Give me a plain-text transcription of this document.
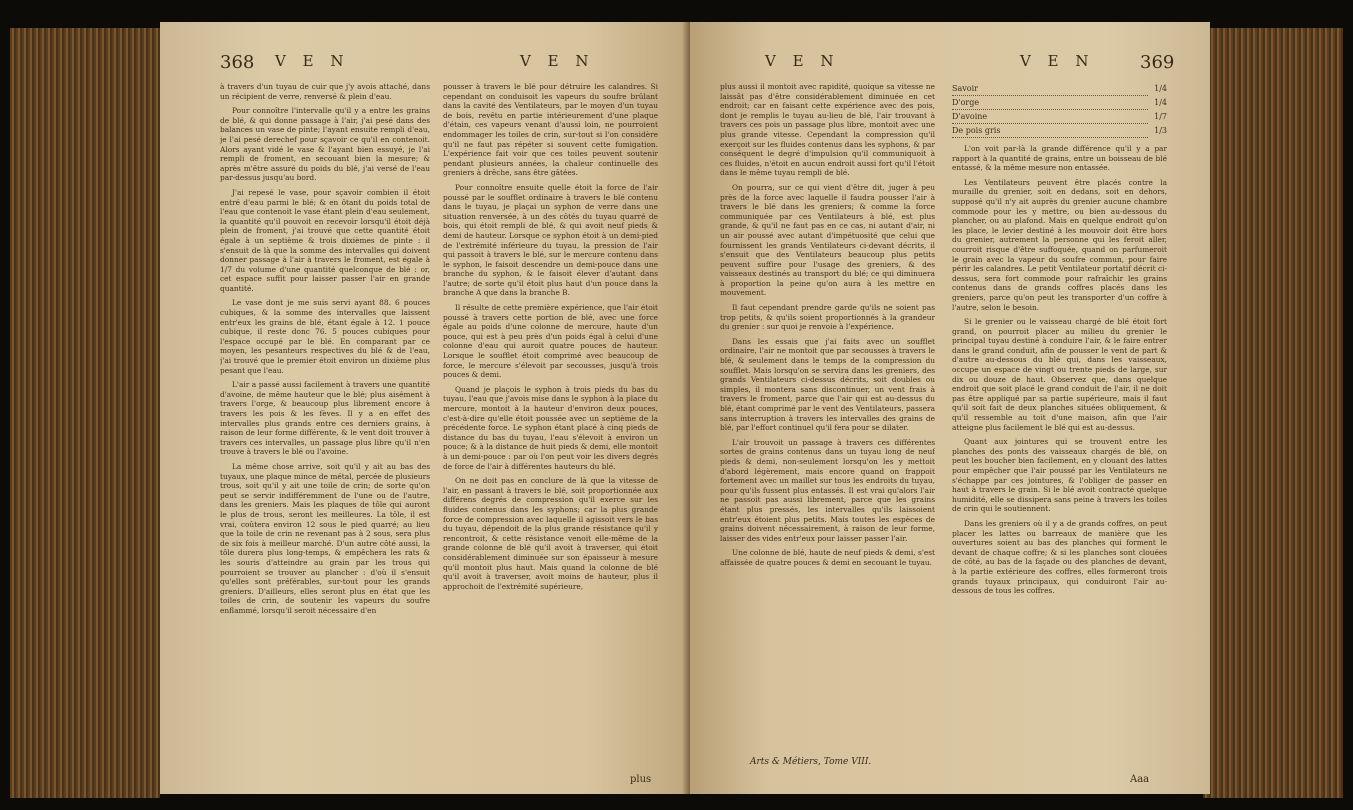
368 V E N	V E N

à travers d'un tuyau de cuir que j'y avois attaché, dans un récipient de verre, renversé & plein d'eau.

Pour connoître l'intervalle qu'il y a entre les grains de blé, & qui donne passage à l'air, j'ai pesé dans des balances un vase de pinte; l'ayant ensuite rempli d'eau, je l'ai pesé derechef pour sçavoir ce qu'il en contenoit. Alors ayant vidé le vase & l'ayant bien essuyé, je l'ai rempli de froment, en secouant bien la mesure; & après m'être assuré du poids du blé, j'ai versé de l'eau par-dessus jusqu'au bord.

J'ai repesé le vase, pour sçavoir combien il étoit entré d'eau parmi le blé; & en ôtant du poids total de l'eau que contenoit le vase étant plein d'eau seulement, la quantité qu'il pouvoit en recevoir lorsqu'il étoit déjà plein de froment, j'ai trouvé que cette quantité étoit égale à un septième & trois dixièmes de pinte : il s'ensuit de là que la somme des intervalles qui doivent donner passage à l'air à travers le froment, est égale à 1/7 du volume d'une quantité quelconque de blé : or, cet espace suffit pour laisser passer l'air en grande quantité.

Le vase dont je me suis servi ayant 88. 6 pouces cubiques, & la somme des intervalles que laissent entr'eux les grains de blé, étant égale à 12. 1 pouce cubique, il reste donc 76. 5 pouces cubiques pour l'espace occupé par le blé. En comparant par ce moyen, les pesanteurs respectives du blé & de l'eau, j'ai trouvé que le premier étoit environ un dixième plus pesant que l'eau.

L'air a passé aussi facilement à travers une quantité d'avoine, de même hauteur que le blé; plus aisément à travers l'orge, & beaucoup plus librement encore à travers les pois & les fèves. Il y a en effet des intervalles plus grands entre ces derniers grains, à raison de leur forme différente, & le vent doit trouver à travers ces intervalles, un passage plus libre qu'il n'en trouve à travers le blé ou l'avoine.

La même chose arrive, soit qu'il y ait au bas des tuyaux, une plaque mince de métal, percée de plusieurs trous, soit qu'il y ait une toile de crin; de sorte qu'on peut se servir indifféremment de l'une ou de l'autre, dans les greniers. Mais les plaques de tôle qui auront le plus de trous, seront les meilleures. La tôle, il est vrai, coûtera environ 12 sous le pied quarré; au lieu que la toile de crin ne revenant pas à 2 sous, sera plus de six fois à meilleur marché. D'un autre côté aussi, la tôle durera plus long-temps, & empêchera les rats & les souris d'atteindre au grain par les trous qui pourroient se trouver au plancher : d'où il s'ensuit qu'elles sont préférables, sur-tout pour les grands greniers. D'ailleurs, elles seront plus en état que les toiles de crin, de soutenir les vapeurs du soufre enflammé, lorsqu'il seroit nécessaire d'en

pousser à travers le blé pour détruire les calandres. Si cependant on conduisoit les vapeurs du soufre brûlant dans la cavité des Ventilateurs, par le moyen d'un tuyau de bois, revêtu en partie intérieurement d'une plaque d'étain, ces vapeurs venant d'aussi loin, ne pourroient endommager les toiles de crin, sur-tout si l'on considère qu'il ne faut pas répéter si souvent cette fumigation. L'expérience fait voir que ces toiles peuvent soutenir pendant plusieurs années, la chaleur continuelle des greniers à drêche, sans être gâtées.

Pour connoître ensuite quelle étoit la force de l'air poussé par le soufflet ordinaire à travers le blé contenu dans le tuyau, je plaçai un syphon de verre dans une situation renversée, à un des côtés du tuyau quarré de bois, qui étoit rempli de blé, & qui avoit neuf pieds & demi de hauteur. Lorsque ce syphon étoit à un demi-pied de l'extrémité inférieure du tuyau, la pression de l'air qui passoit à travers le blé, sur le mercure contenu dans le syphon, le faisoit descendre un demi-pouce dans une branche du syphon, & le faisoit élever d'autant dans l'autre; de sorte qu'il étoit plus haut d'un pouce dans la branche A que dans la branche B.

Il résulte de cette première expérience, que l'air étoit poussé à travers cette portion de blé, avec une force égale au poids d'une colonne de mercure, haute d'un pouce, qui est à peu près d'un poids égal à celui d'une colonne d'eau qui auroit quatre pouces de hauteur. Lorsque le soufflet étoit comprimé avec beaucoup de force, le mercure s'élevoit par secousses, jusqu'à trois pouces & demi.

Quand je plaçois le syphon à trois pieds du bas du tuyau, l'eau que j'avois mise dans le syphon à la place du mercure, montoit à la hauteur d'environ deux pouces, c'est-à-dire qu'elle étoit poussée avec un septième de la précédente force. Le syphon étant placé à cinq pieds de distance du bas du tuyau, l'eau s'élevoit à environ un pouce; & à la distance de huit pieds & demi, elle montoit à un demi-pouce : par où l'on peut voir les divers degrés de force de l'air à différentes hauteurs du blé.

On ne doit pas en conclure de là que la vitesse de l'air, en passant à travers le blé, soit proportionnée aux différens degrés de compression qu'il exerce sur les fluides contenus dans les syphons; car la plus grande force de compression avec laquelle il agissoit vers le bas du tuyau, dépendoit de la plus grande résistance qu'il y rencontroit, & cette résistance venoit elle-même de la grande colonne de blé qu'il avoit à traverser, qui étoit considérablement diminuée sur son épaisseur à mesure qu'il montoit plus haut. Mais quand la colonne de blé qu'il avoit à traverser, avoit moins de hauteur, plus il approchoit de l'extrémité supérieure,

plus
V E N	V E N	369

plus aussi il montoit avec rapidité, quoique sa vitesse ne laissât pas d'être considérablement diminuée en cet endroit; car en faisant cette expérience avec des pois, dont je remplis le tuyau au-lieu de blé, l'air trouvant à travers ces pois un passage plus libre, montoit avec une plus grande vitesse. Cependant la compression qu'il exerçoit sur les fluides contenus dans les syphons, & par conséquent le degré d'impulsion qu'il communiquoit à ces fluides, n'étoit en aucun endroit aussi fort qu'il l'étoit dans le même tuyau rempli de blé.

On pourra, sur ce qui vient d'être dit, juger à peu près de la force avec laquelle il faudra pousser l'air à travers le blé dans les greniers; & comme la force communiquée par ces Ventilateurs à blé, est plus grande, & qu'il ne faut pas en ce cas, ni autant d'air, ni un air poussé avec autant d'impétuosité que celui que fournissent les grands Ventilateurs ci-devant décrits, il s'ensuit que des Ventilateurs beaucoup plus petits peuvent suffire pour l'usage des greniers, & des vaisseaux destinés au transport du blé; ce qui diminuera à proportion la peine qu'on aura à les mettre en mouvement.

Il faut cependant prendre garde qu'ils ne soient pas trop petits, & qu'ils soient proportionnés à la grandeur du grenier : sur quoi je renvoie à l'expérience.

Dans les essais que j'ai faits avec un soufflet ordinaire, l'air ne montoit que par secousses à travers le blé, & seulement dans le temps de la compression du soufflet. Mais lorsqu'on se servira dans les greniers, des grands Ventilateurs ci-dessus décrits, soit doubles ou simples, il montera sans discontinuer, un vent frais à travers le froment, parce que l'air qui est au-dessus du blé, étant comprimé par le vent des Ventilateurs, passera sans interruption à travers les intervalles des grains de blé, par l'effort continuel qu'il fera pour se dilater.

L'air trouvoit un passage à travers ces différentes sortes de grains contenus dans un tuyau long de neuf pieds & demi, non-seulement lorsqu'on les y mettoit d'abord légèrement, mais encore quand on frappoit fortement avec un maillet sur tous les endroits du tuyau, pour qu'ils fussent plus entassés. Il est vrai qu'alors l'air ne passoit pas aussi librement, parce que les grains étant plus pressés, les intervalles qu'ils laissoient entr'eux étoient plus petits. Mais toutes les espèces de grains doivent nécessairement, à raison de leur forme, laisser des vides entr'eux pour laisser passer l'air.

Une colonne de blé, haute de neuf pieds & demi, s'est affaissée de quatre pouces & demi en secouant le tuyau.

Arts & Métiers, Tome VIII.
Savoir	1/4
D'orge	1/4
D'avoine	1/7
De pois gris	1/3

L'on voit par-là la grande différence qu'il y a par rapport à la quantité de grains, entre un boisseau de blé entassé, & la même mesure non entassée.

Les Ventilateurs peuvent être placés contre la muraille du grenier, soit en dedans, soit en dehors, supposé qu'il n'y ait auprès du grenier aucune chambre commode pour les y mettre, ou bien au-dessous du plancher, ou au plafond. Mais en quelque endroit qu'on les place, le levier destiné à les mouvoir doit être hors du grenier, autrement la personne qui les feroit aller, courroit risque d'être suffoquée, quand on parfumeroit le grain avec la vapeur du soufre commun, pour faire périr les calandres. Le petit Ventilateur portatif décrit ci-dessus, sera fort commode pour rafraîchir les grains contenus dans de grands coffres placés dans les greniers, parce qu'on peut les transporter d'un coffre à l'autre, selon le besoin.

Si le grenier ou le vaisseau chargé de blé étoit fort grand, on pourroit placer au milieu du grenier le principal tuyau destiné à conduire l'air, & le faire entrer dans le grand conduit, afin de pousser le vent de part & d'autre au-dessous du blé qui, dans les vaisseaux, occupe un espace de vingt ou trente pieds de large, sur dix ou douze de haut. Observez que, dans quelque endroit que soit placé le grand conduit de l'air, il ne doit pas être appliqué par sa partie supérieure, mais il faut qu'il soit fait de deux planches situées obliquement, & qu'il ressemble au toit d'une maison, afin que l'air atteigne plus facilement le blé qui est au-dessus.

Quant aux jointures qui se trouvent entre les planches des ponts des vaisseaux chargés de blé, on peut les boucher bien facilement, en y clouant des lattes pour empêcher que l'air poussé par les Ventilateurs ne s'échappe par ces jointures, & l'obliger de passer en haut à travers le grain. Si le blé avoit contracté quelque humidité, elle se dissipera sans peine à travers les toiles de crin qui le soutiennent.

Dans les greniers où il y a de grands coffres, on peut placer les lattes ou barreaux de manière que les ouvertures soient au bas des planches qui forment le devant de chaque coffre; & si les planches sont clouées de côté, au bas de la façade ou des planches de devant, à la partie extérieure des coffres, elles formeront trois grands tuyaux principaux, qui conduiront l'air au-dessous de tous les coffres.

Aaa
